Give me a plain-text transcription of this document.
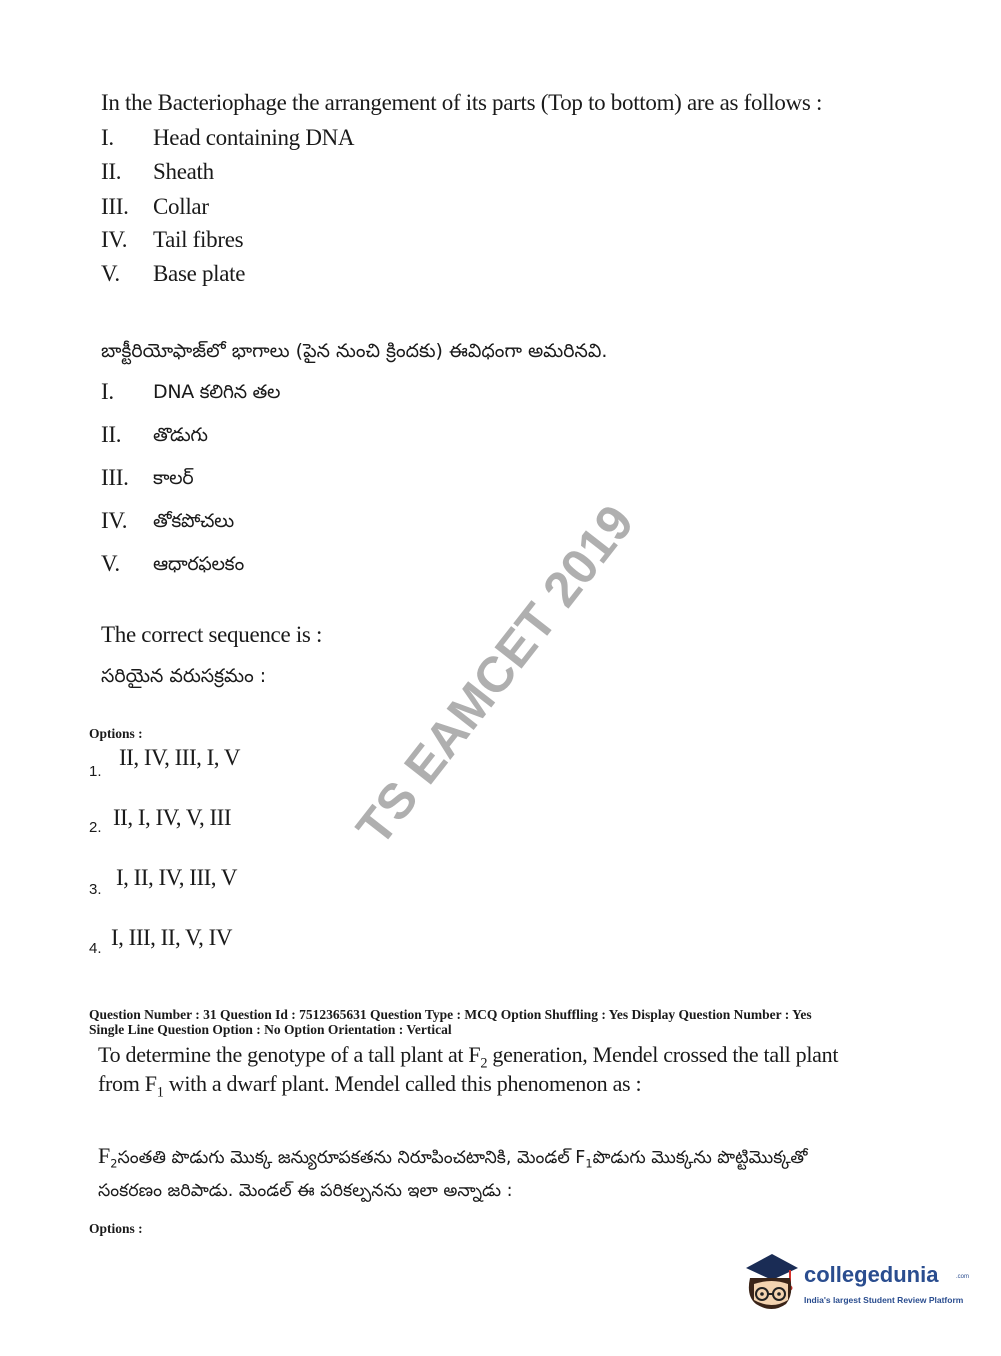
In the Bacteriophage the arrangement of its parts (Top to bottom) are as follows :
I.	Head containing DNA
II.	Sheath
III.	Collar
IV.	Tail fibres
V.	Base plate
బాక్టీరియోఫాజ్‌లో భాగాలు (పైన నుంచి క్రిందకు) ఈవిధంగా అమరినవి.
I.	DNA కలిగిన తల
II.	తొడుగు
III.	కాలర్
IV.	తోకపోచలు
V.	ఆధారఫలకం
The correct sequence is :
సరియైన వరుసక్రమం :
Options :
1.
II, IV, III, I, V
2. II, I, IV, V, III
3. I, II, IV, III, V
4. I, III, II, V, IV
Question Number : 31 Question Id : 7512365631 Question Type : MCQ Option Shuffling : Yes Display Question Number : Yes
Single Line Question Option : No Option Orientation : Vertical
To determine the genotype of a tall plant at $F_2$ generation, Mendel crossed the tall plant
from $F_1$ with a dwarf plant. Mendel called this phenomenon as :
$F_2సంతతి$ పొడుగు మొక్క జన్యురూపకతను నిరూపించటానికి, మెండల్ $F_1పొడుగు$ మొక్కను పొట్టిమొక్కతో
సంకరణం జరిపాడు. మెండల్ ఈ పరికల్పనను ఇలా అన్నాడు :
Options :
TS EAMCET 2019
collegedunia	.com
India's largest Student Review Platform
